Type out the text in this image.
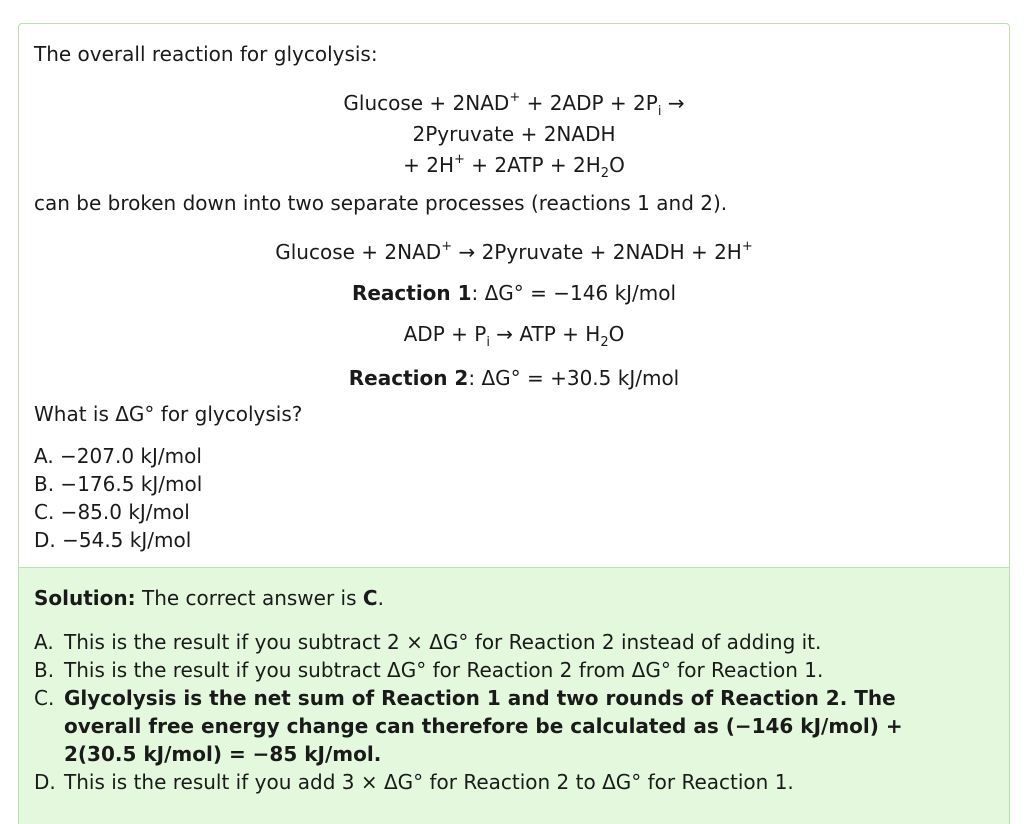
The overall reaction for glycolysis:
$Glucose + 2NAD^+ + 2ADP + 2P_i$ →
2Pyruvate + 2NADH
+ $2H^+ + 2ATP + 2H_2O$
can be broken down into two separate processes (reactions 1 and 2).
Glucose + 2NAD+ → 2Pyruvate + 2NADH + 2H+
Reaction 1: ΔG° = −146 kJ/mol
ADP + $P_i$ → ATP + $H_2O$
Reaction 2: ΔG° = +30.5 kJ/mol
What is ΔG° for glycolysis?
A. −207.0 kJ/mol
B. −176.5 kJ/mol
C. −85.0 kJ/mol
D. −54.5 kJ/mol
Solution: The correct answer is C.
A. This is the result if you subtract 2 × ΔG° for Reaction 2 instead of adding it.
B. This is the result if you subtract ΔG° for Reaction 2 from ΔG° for Reaction 1.
C. Glycolysis is the net sum of Reaction 1 and two rounds of Reaction 2. The overall free energy change can therefore be calculated as (−146 kJ/mol) + 2(30.5 kJ/mol) = −85 kJ/mol.
D. This is the result if you add 3 × ΔG° for Reaction 2 to ΔG° for Reaction 1.
